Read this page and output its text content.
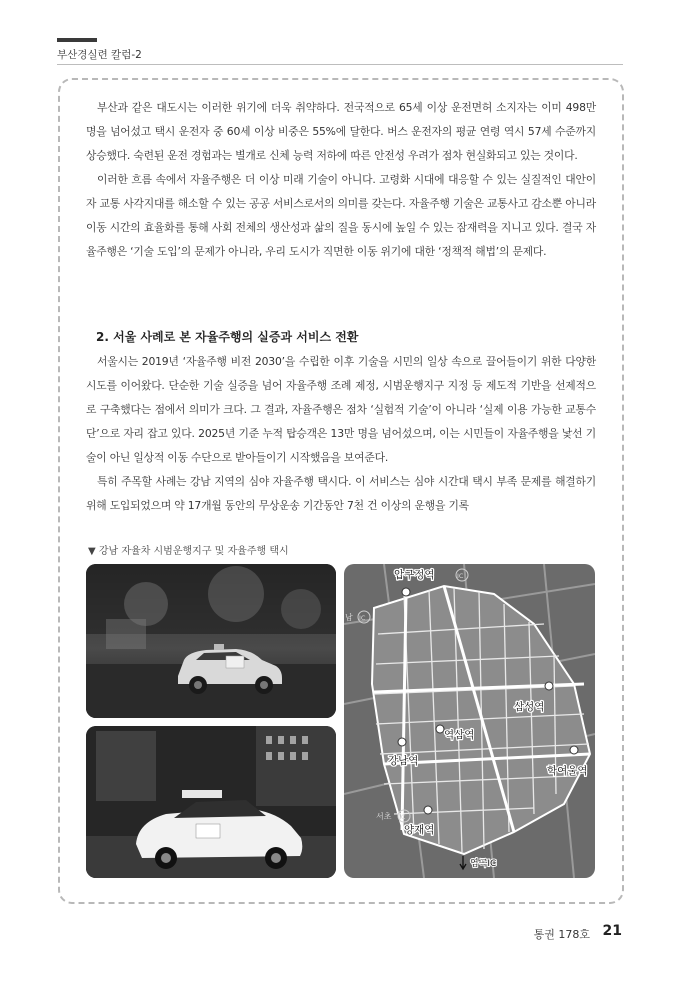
부산경실련 칼럼-2

부산과 같은 대도시는 이러한 위기에 더욱 취약하다. 전국적으로 65세 이상 운전면허 소지자는 이미 498만 명을 넘어섰고 택시 운전자 중 60세 이상 비중은 55%에 달한다. 버스 운전자의 평균 연령 역시 57세 수준까지 상승했다. 숙련된 운전 경험과는 별개로 신체 능력 저하에 따른 안전성 우려가 점차 현실화되고 있는 것이다.

이러한 흐름 속에서 자율주행은 더 이상 미래 기술이 아니다. 고령화 시대에 대응할 수 있는 실질적인 대안이자 교통 사각지대를 해소할 수 있는 공공 서비스로서의 의미를 갖는다. 자율주행 기술은 교통사고 감소뿐 아니라 이동 시간의 효율화를 통해 사회 전체의 생산성과 삶의 질을 동시에 높일 수 있는 잠재력을 지니고 있다. 결국 자율주행은 ‘기술 도입’의 문제가 아니라, 우리 도시가 직면한 이동 위기에 대한 ‘정책적 해법’의 문제다.

2. 서울 사례로 본 자율주행의 실증과 서비스 전환

서울시는 2019년 ‘자율주행 비전 2030’을 수립한 이후 기술을 시민의 일상 속으로 끌어들이기 위한 다양한 시도를 이어왔다. 단순한 기술 실증을 넘어 자율주행 조례 제정, 시범운행지구 지정 등 제도적 기반을 선제적으로 구축했다는 점에서 의미가 크다. 그 결과, 자율주행은 점차 ‘실험적 기술’이 아니라 ‘실제 이용 가능한 교통수단’으로 자리 잡고 있다. 2025년 기준 누적 탑승객은 13만 명을 넘어섰으며, 이는 시민들이 자율주행을 낯선 기술이 아닌 일상적 이동 수단으로 받아들이기 시작했음을 보여준다.

특히 주목할 사례는 강남 지역의 심야 자율주행 택시다. 이 서비스는 심야 시간대 택시 부족 문제를 해결하기 위해 도입되었으며 약 17개월 동안의 무상운송 기간동안 7천 건 이상의 운행을 기록

▼ 강남 자율차 시범운행지구 및 자율주행 택시
압구정역
삼성역
역삼역
강남역
학여울역
양재역
IC
IC
IC
남
서초
염곡IC
통권 178호 21
